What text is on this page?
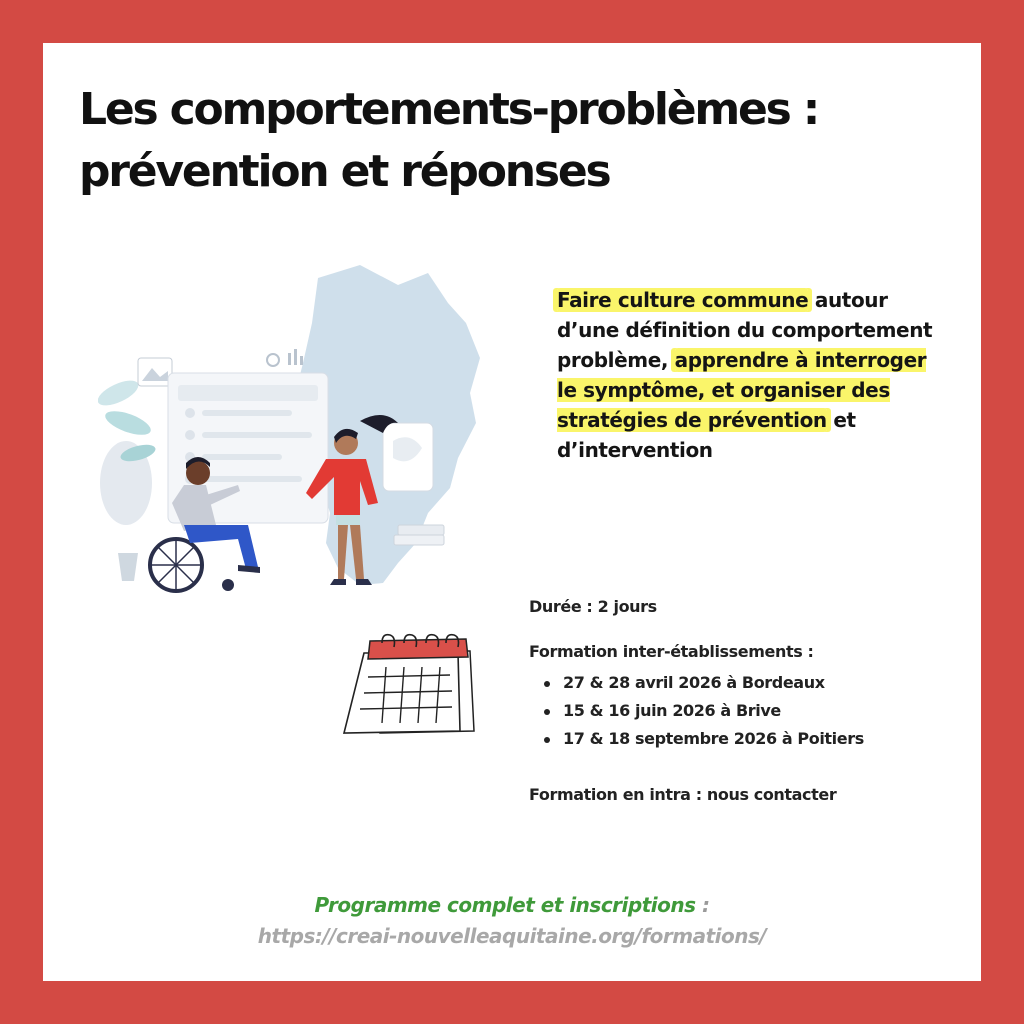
Les comportements-problèmes : prévention et réponses
Faire culture commune autour d’une définition du comportement problème, apprendre à interroger le symptôme, et organiser des stratégies de prévention et d’intervention
Durée : 2 jours
Formation inter-établissements :
27 & 28 avril 2026 à Bordeaux
15 & 16 juin 2026 à Brive
17 & 18 septembre 2026 à Poitiers
Formation en intra : nous contacter
Programme complet et inscriptions :
https://creai-nouvelleaquitaine.org/formations/
